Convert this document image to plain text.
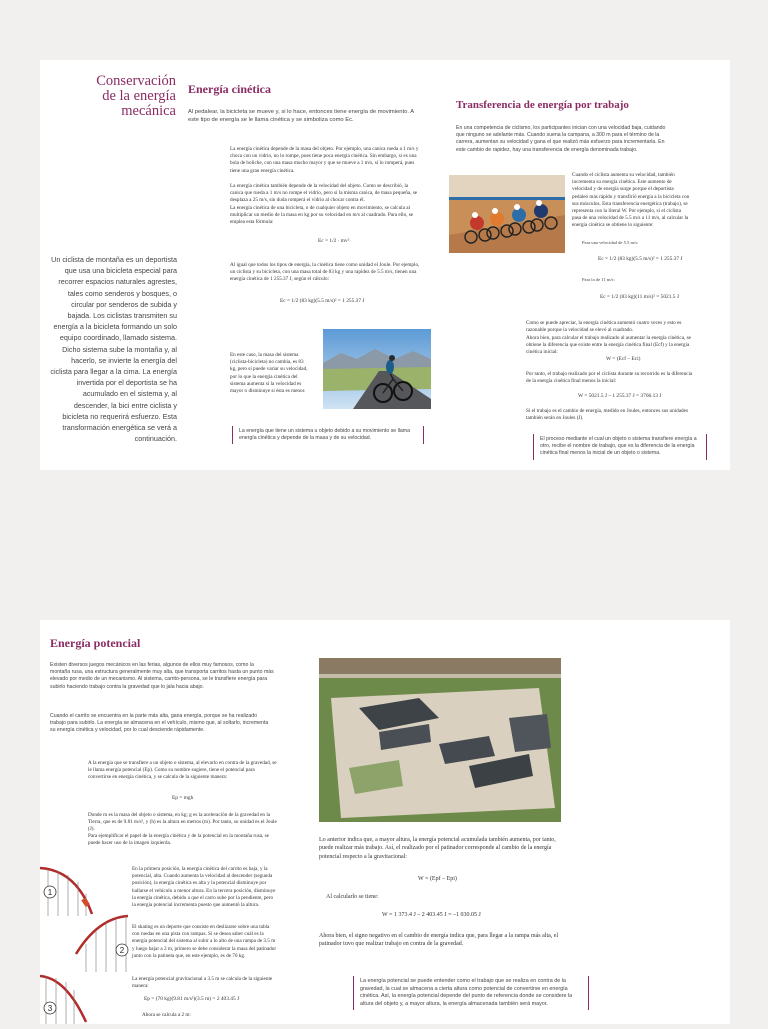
Conservación
de la energía
mecánica
Un ciclista de montaña es un deportista que usa una bicicleta especial para recorrer espacios naturales agrestes, tales como senderos y bosques, o circular por senderos de subida y bajada. Los ciclistas transmiten su energía a la bicicleta formando un solo equipo coordinado, llamado sistema. Dicho sistema sube la montaña y, al hacerlo, se invierte la energía del ciclista para llegar a la cima. La energía invertida por el deportista se ha acumulado en el sistema y, al descender, la bici entre ciclista y bicicleta no requerirá esfuerzo. Esta transformación energética se verá a continuación.
Energía cinética
Al pedalear, la bicicleta se mueve y, si lo hace, entonces tiene energía de movimiento. A este tipo de energía se le llama cinética y se simboliza como Ec.
La energía cinética depende de la masa del objeto. Por ejemplo, una canica rueda a 1 m/s y choca con un vidrio, no lo rompe, pues tiene poca energía cinética. Sin embargo, si es una bola de boliche, con una masa mucho mayor y que se mueve a 1 m/s, sí lo romperá, pues tiene una gran energía cinética.
La energía cinética también depende de la velocidad del objeto. Como se describió, la canica que rueda a 1 m/s no rompe el vidrio, pero si la misma canica, de masa pequeña, se desplaza a 25 m/s, sin duda romperá el vidrio al chocar contra él.
La energía cinética de una bicicleta, o de cualquier objeto en movimiento, se calcula al multiplicar un medio de la masa en kg por su velocidad en m/s al cuadrado. Para ello, se emplea esta fórmula:
Ec = 1/2 · mv²
Al igual que todos los tipos de energía, la cinética tiene como unidad el Joule. Por ejemplo, un ciclista y su bicicleta, con una masa total de 83 kg y una rapidez de 5.5 m/s, tienen una energía cinética de 1 255.37 J, según el cálculo:
Ec = 1/2 (83 kg)(5.5 m/s)² = 1 255.37 J
En este caso, la masa del sistema (ciclista-bicicleta) no cambia, es 83 kg, pero sí puede variar su velocidad, por lo que la energía cinética del sistema aumenta si la velocidad es mayor o disminuye si ésta es menor.
La energía que tiene un sistema u objeto debido a su movimiento se llama energía cinética y depende de la masa y de su velocidad.
Transferencia de energía por trabajo
En una competencia de ciclismo, los participantes inician con una velocidad baja, cuidando que ninguno se adelante más. Cuando suena la campana, a 300 m para el término de la carrera, aumentan su velocidad y gana el que realizó más esfuerzo para incrementarla. En este cambio de rapidez, hay una transferencia de energía denominada trabajo.
Cuando el ciclista aumenta su velocidad, también incrementa su energía cinética. Este aumento de velocidad y de energía surge porque el deportista pedaleó más rápido y transfirió energía a la bicicleta con sus músculos. Esta transferencia energética (trabajo), se representa con la literal W. Por ejemplo, si el ciclista pasa de una velocidad de 5.5 m/s a 11 m/s, al calcular la energía cinética se obtiene lo siguiente:
Para una velocidad de 5.5 m/s:
Ec = 1/2 (83 kg)(5.5 m/s)² = 1 255.37 J
Para la de 11 m/s:
Ec = 1/2 (83 kg)(11 m/s)² = 5021.5 J
Como se puede apreciar, la energía cinética aumentó cuatro veces y esto es razonable porque la velocidad se elevó al cuadrado.
Ahora bien, para calcular el trabajo realizado al aumentar la energía cinética, se obtiene la diferencia que existe entre la energía cinética final (Ecf) y la energía cinética inicial:
W = (Ecf – Eci)
Por tanto, el trabajo realizado por el ciclista durante su recorrido es la diferencia de la energía cinética final menos la inicial:
W = 5021.5 J – 1 255.37 J = 3766.13 J
Si el trabajo es el cambio de energía, medido en Joules, entonces sus unidades también serán en Joules (J).
El proceso mediante el cual un objeto o sistema transfiere energía a otro, recibe el nombre de trabajo, que es la diferencia de la energía cinética final menos la inicial de un objeto o sistema.
Energía potencial
Existen diversos juegos mecánicos en las ferias, algunos de ellos muy famosos, como la montaña rusa, una estructura generalmente muy alta, que transporta carritos hasta un punto más elevado por medio de un mecanismo. Al sistema, carrito-persona, se le transfiere energía para subirlo haciendo trabajo contra la gravedad que lo jala hacia abajo.
Cuando el carrito se encuentra en la parte más alta, gana energía, porque se ha realizado trabajo para subirlo. La energía se almacena en el vehículo, mismo que, al soltarlo, incrementa su energía cinética y velocidad, por lo cual desciende rápidamente.
A la energía que se transfiere a un objeto o sistema, al elevarlo en contra de la gravedad, se le llama energía potencial (Ep). Como su nombre sugiere, tiene el potencial para convertirse en energía cinética, y se calcula de la siguiente manera:
Ep = mgh
Donde m es la masa del objeto o sistema, en kg; g es la aceleración de la gravedad en la Tierra, que es de 9.81 m/s², y (h) es la altura en metros (m). Por tanto, su unidad es el Joule (J).
Para ejemplificar el papel de la energía cinética y de la potencial en la montaña rusa, se puede hacer uso de la imagen izquierda.
1
2
3
En la primera posición, la energía cinética del carrito es baja, y la potencial, alta. Cuando aumenta la velocidad al descender (segunda posición), la energía cinética es alta y la potencial disminuye por hallarse el vehículo a menor altura. En la tercera posición, disminuye la energía cinética, debido a que el carro sube por la pendiente, pero la energía potencial incrementa puesto que aumentó la altura.
El skating es un deporte que consiste en deslizarse sobre una tabla con ruedas en una pista con rampas. Si se desea saber cuál es la energía potencial del sistema al subir a lo alto de una rampa de 3.5 m y luego bajar a 2 m, primero se debe considerar la masa del patinador junto con la patineta que, en este ejemplo, es de 70 kg.
La energía potencial gravitacional a 3.5 m se calcula de la siguiente manera:
Ep = (70 kg)(9.81 m/s²)(3.5 m) = 2 403.45 J
Ahora se calcula a 2 m:
Lo anterior indica que, a mayor altura, la energía potencial acumulada también aumenta, por tanto, puede realizar más trabajo. Así, el realizado por el patinador corresponde al cambio de la energía potencial respecto a la gravitacional:
W = (Epf – Epi)
Al calcularlo se tiene:
W = 1 373.4 J – 2 403.45 J = –1 030.05 J
Ahora bien, el signo negativo en el cambio de energía indica que, para llegar a la rampa más alta, el patinador tuvo que realizar trabajo en contra de la gravedad.
La energía potencial se puede entender como el trabajo que se realiza en contra de la gravedad, la cual se almacena a cierta altura como potencial de convertirse en energía cinética. Así, la energía potencial depende del punto de referencia donde se considere la altura del objeto y, a mayor altura, la energía almacenada también será mayor.
